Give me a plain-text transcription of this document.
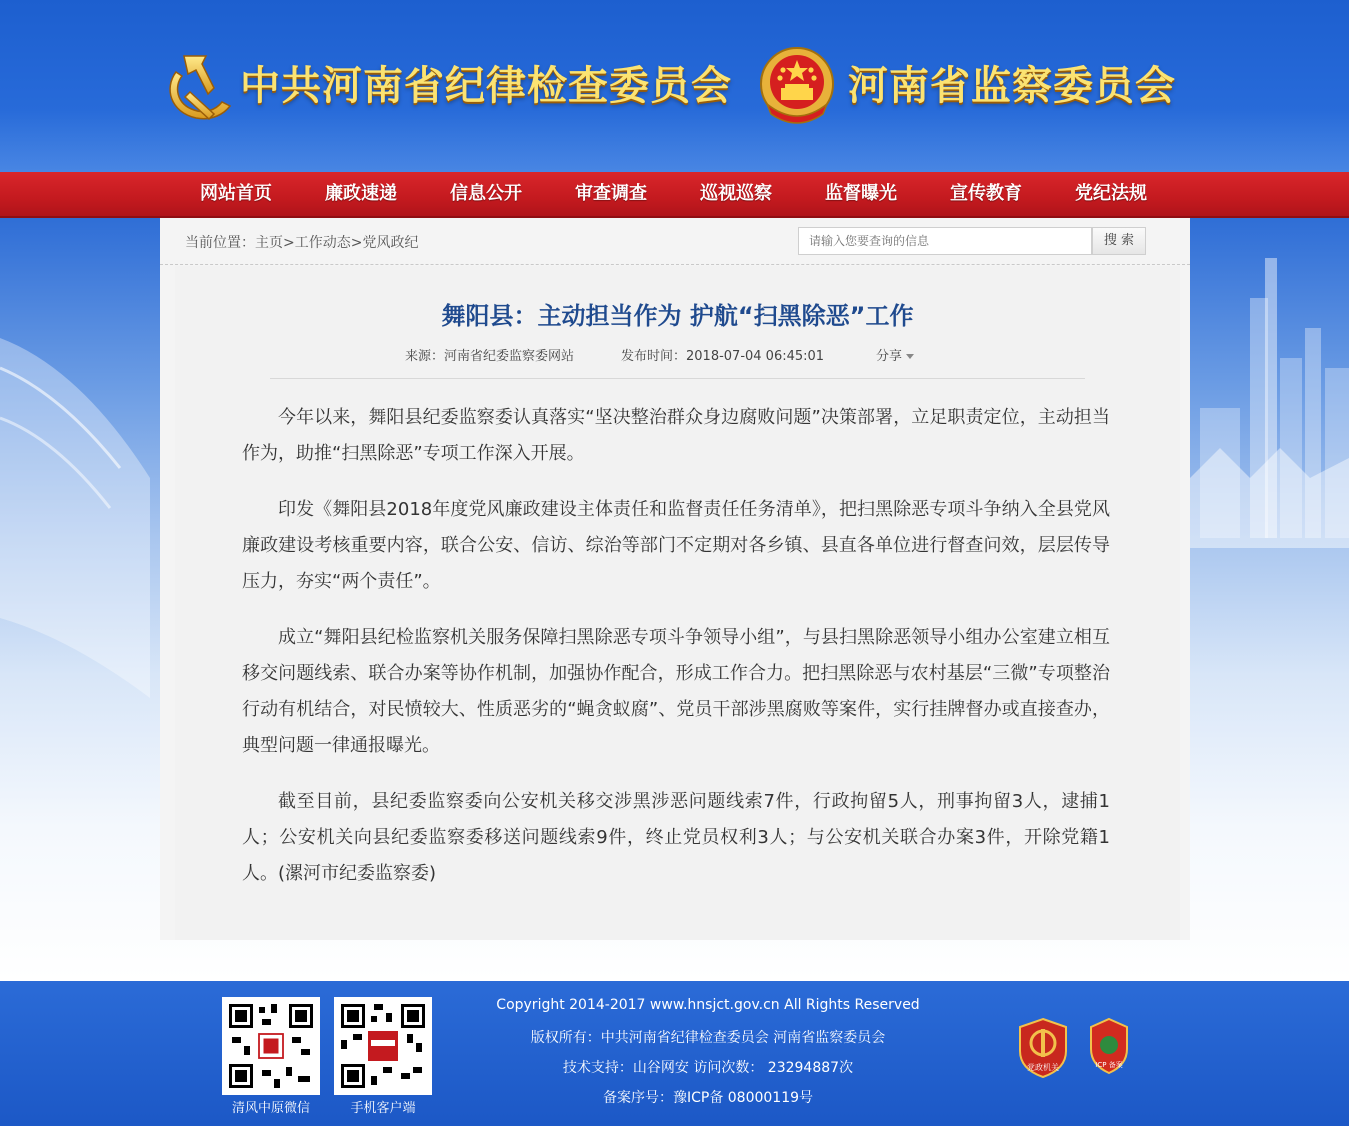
中共河南省纪律检查委员会	河南省监察委员会
网站首页	廉政速递	信息公开	审查调查	巡视巡察	监督曝光	宣传教育	党纪法规
当前位置：主页>工作动态>党风政纪
请输入您要查询的信息	搜 索
舞阳县：主动担当作为 护航“扫黑除恶”工作
来源：河南省纪委监察委网站	发布时间：2018-07-04 06:45:01	分享

今年以来，舞阳县纪委监察委认真落实“坚决整治群众身边腐败问题”决策部署，立足职责定位，主动担当作为，助推“扫黑除恶”专项工作深入开展。

印发《舞阳县2018年度党风廉政建设主体责任和监督责任任务清单》，把扫黑除恶专项斗争纳入全县党风廉政建设考核重要内容，联合公安、信访、综治等部门不定期对各乡镇、县直各单位进行督查问效，层层传导压力，夯实“两个责任”。

成立“舞阳县纪检监察机关服务保障扫黑除恶专项斗争领导小组”，与县扫黑除恶领导小组办公室建立相互移交问题线索、联合办案等协作机制，加强协作配合，形成工作合力。把扫黑除恶与农村基层“三微”专项整治行动有机结合，对民愤较大、性质恶劣的“蝇贪蚁腐”、党员干部涉黑腐败等案件，实行挂牌督办或直接查办，典型问题一律通报曝光。

截至目前，县纪委监察委向公安机关移交涉黑涉恶问题线索7件，行政拘留5人，刑事拘留3人，逮捕1人；公安机关向县纪委监察委移送问题线索9件，终止党员权利3人；与公安机关联合办案3件，开除党籍1人。(漯河市纪委监察委)

清风中原微信	手机客户端
Copyright 2014-2017 www.hnsjct.gov.cn All Rights Reserved
版权所有：中共河南省纪律检查委员会 河南省监察委员会
技术支持：山谷网安 访问次数： 23294887次
备案序号：豫ICP备 08000119号
党政机关	ICP 备案
